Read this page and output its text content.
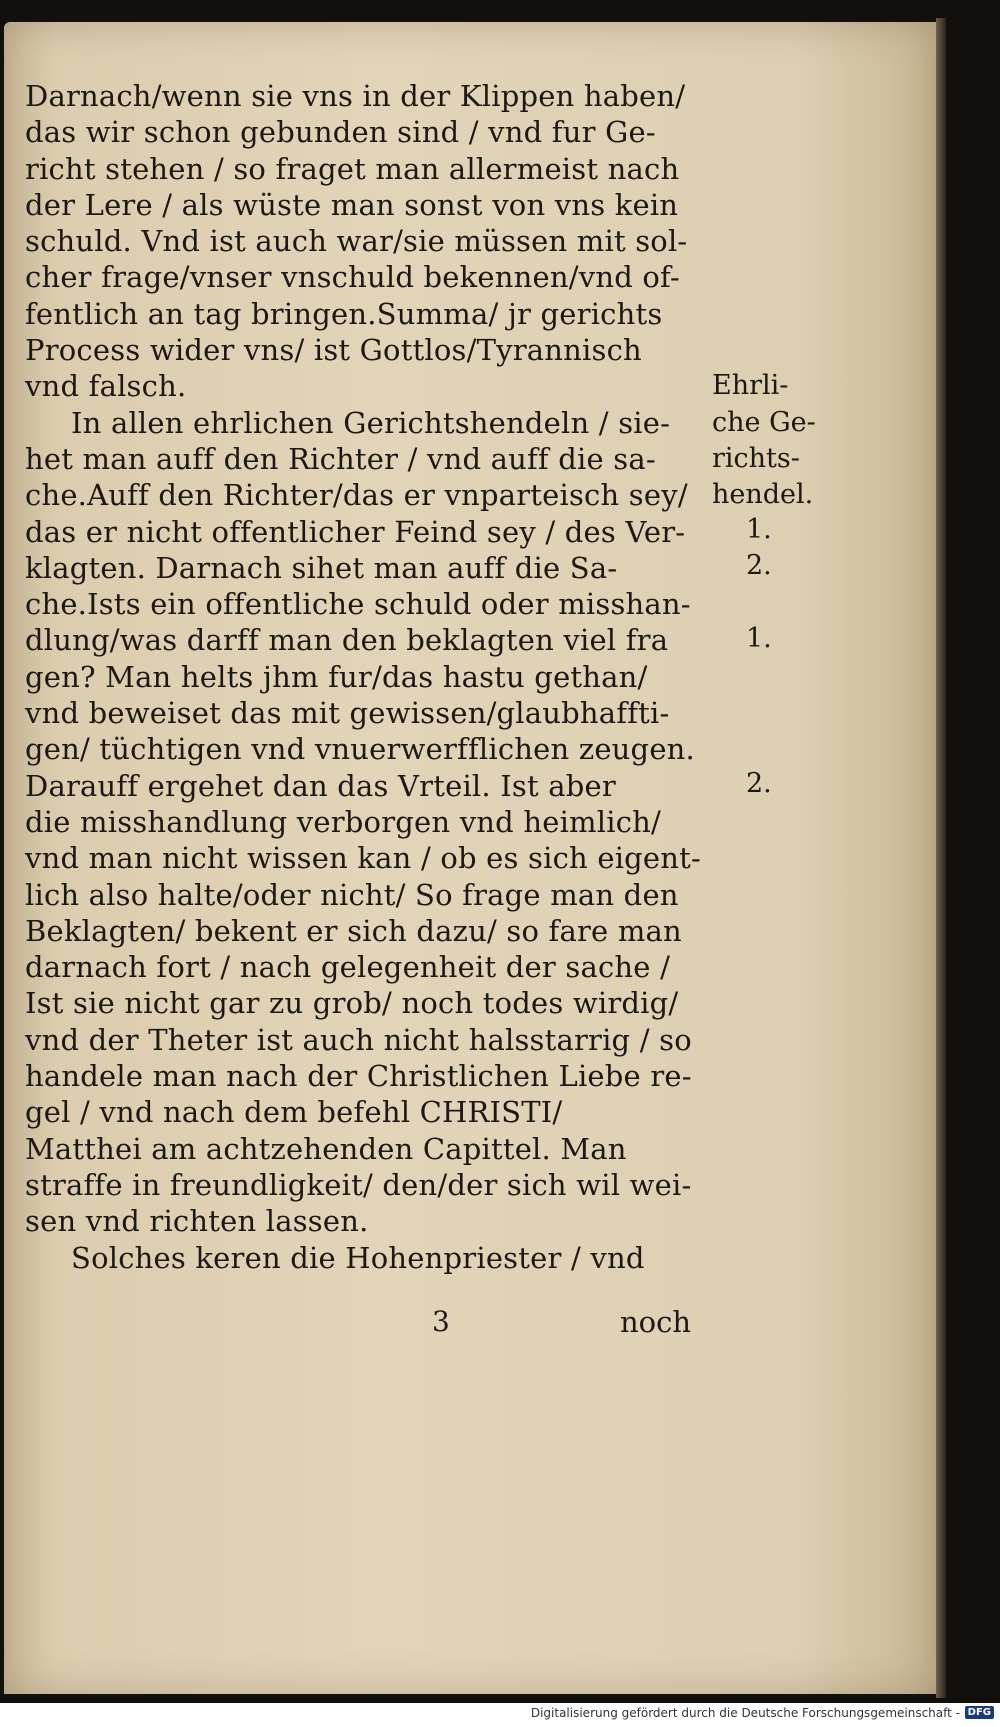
Darnach/wenn sie vns in der Klippen haben/
das wir schon gebunden sind / vnd fur Ge-
richt stehen / so fraget man allermeist nach
der Lere / als wüste man sonst von vns kein
schuld. Vnd ist auch war/sie müssen mit sol-
cher frage/vnser vnschuld bekennen/vnd of-
fentlich an tag bringen.Summa/ jr gerichts
Process wider vns/ ist Gottlos/Tyrannisch
vnd falsch.
In allen ehrlichen Gerichtshendeln / sie-
het man auff den Richter / vnd auff die sa-
che.Auff den Richter/das er vnparteisch sey/
das er nicht offentlicher Feind sey / des Ver-
klagten. Darnach sihet man auff die Sa-
che.Ists ein offentliche schuld oder misshan-
dlung/was darff man den beklagten viel fra
gen? Man helts jhm fur/das hastu gethan/
vnd beweiset das mit gewissen/glaubhaffti-
gen/ tüchtigen vnd vnuerwerfflichen zeugen.
Darauff ergehet dan das Vrteil. Ist aber
die misshandlung verborgen vnd heimlich/
vnd man nicht wissen kan / ob es sich eigent-
lich also halte/oder nicht/ So frage man den
Beklagten/ bekent er sich dazu/ so fare man
darnach fort / nach gelegenheit der sache /
Ist sie nicht gar zu grob/ noch todes wirdig/
vnd der Theter ist auch nicht halsstarrig / so
handele man nach der Christlichen Liebe re-
gel / vnd nach dem befehl CHRISTI/
Matthei am achtzehenden Capittel. Man
straffe in freundligkeit/ den/der sich wil wei-
sen vnd richten lassen.
Solches keren die Hohenpriester / vnd
Ehrli-
che Ge-
richts-
hendel.
1.
2.
1.
2.
3	noch
Digitalisierung gefördert durch die Deutsche Forschungsgemeinschaft - DFG
